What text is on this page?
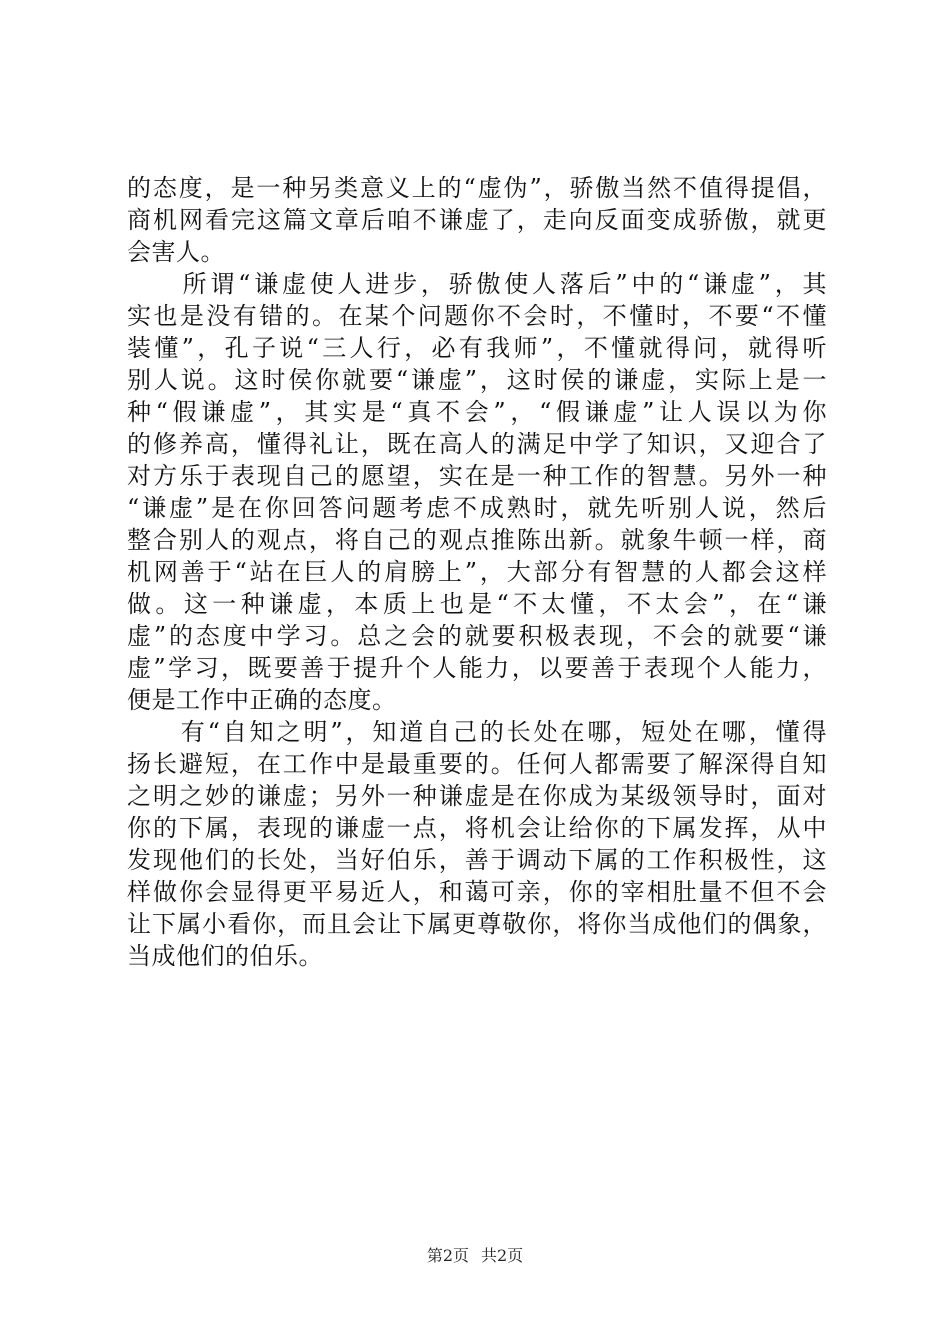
的态度，是一种另类意义上的“虚伪”，骄傲当然不值得提倡，
商机网看完这篇文章后咱不谦虚了，走向反面变成骄傲，就更
会害人。
　　所谓“谦虚使人进步，骄傲使人落后”中的“谦虚”，其
实也是没有错的。在某个问题你不会时，不懂时，不要“不懂
装懂”，孔子说“三人行，必有我师”，不懂就得问，就得听
别人说。这时侯你就要“谦虚”，这时侯的谦虚，实际上是一
种“假谦虚”，其实是“真不会”，“假谦虚”让人误以为你
的修养高，懂得礼让，既在高人的满足中学了知识，又迎合了
对方乐于表现自己的愿望，实在是一种工作的智慧。另外一种
“谦虚”是在你回答问题考虑不成熟时，就先听别人说，然后
整合别人的观点，将自己的观点推陈出新。就象牛顿一样，商
机网善于“站在巨人的肩膀上”，大部分有智慧的人都会这样
做。这一种谦虚，本质上也是“不太懂，不太会”，在“谦
虚”的态度中学习。总之会的就要积极表现，不会的就要“谦
虚”学习，既要善于提升个人能力，以要善于表现个人能力，
便是工作中正确的态度。
　　有“自知之明”，知道自己的长处在哪，短处在哪，懂得
扬长避短，在工作中是最重要的。任何人都需要了解深得自知
之明之妙的谦虚；另外一种谦虚是在你成为某级领导时，面对
你的下属，表现的谦虚一点，将机会让给你的下属发挥，从中
发现他们的长处，当好伯乐，善于调动下属的工作积极性，这
样做你会显得更平易近人，和蔼可亲，你的宰相肚量不但不会
让下属小看你，而且会让下属更尊敬你，将你当成他们的偶象，
当成他们的伯乐。
第2页 共2页
